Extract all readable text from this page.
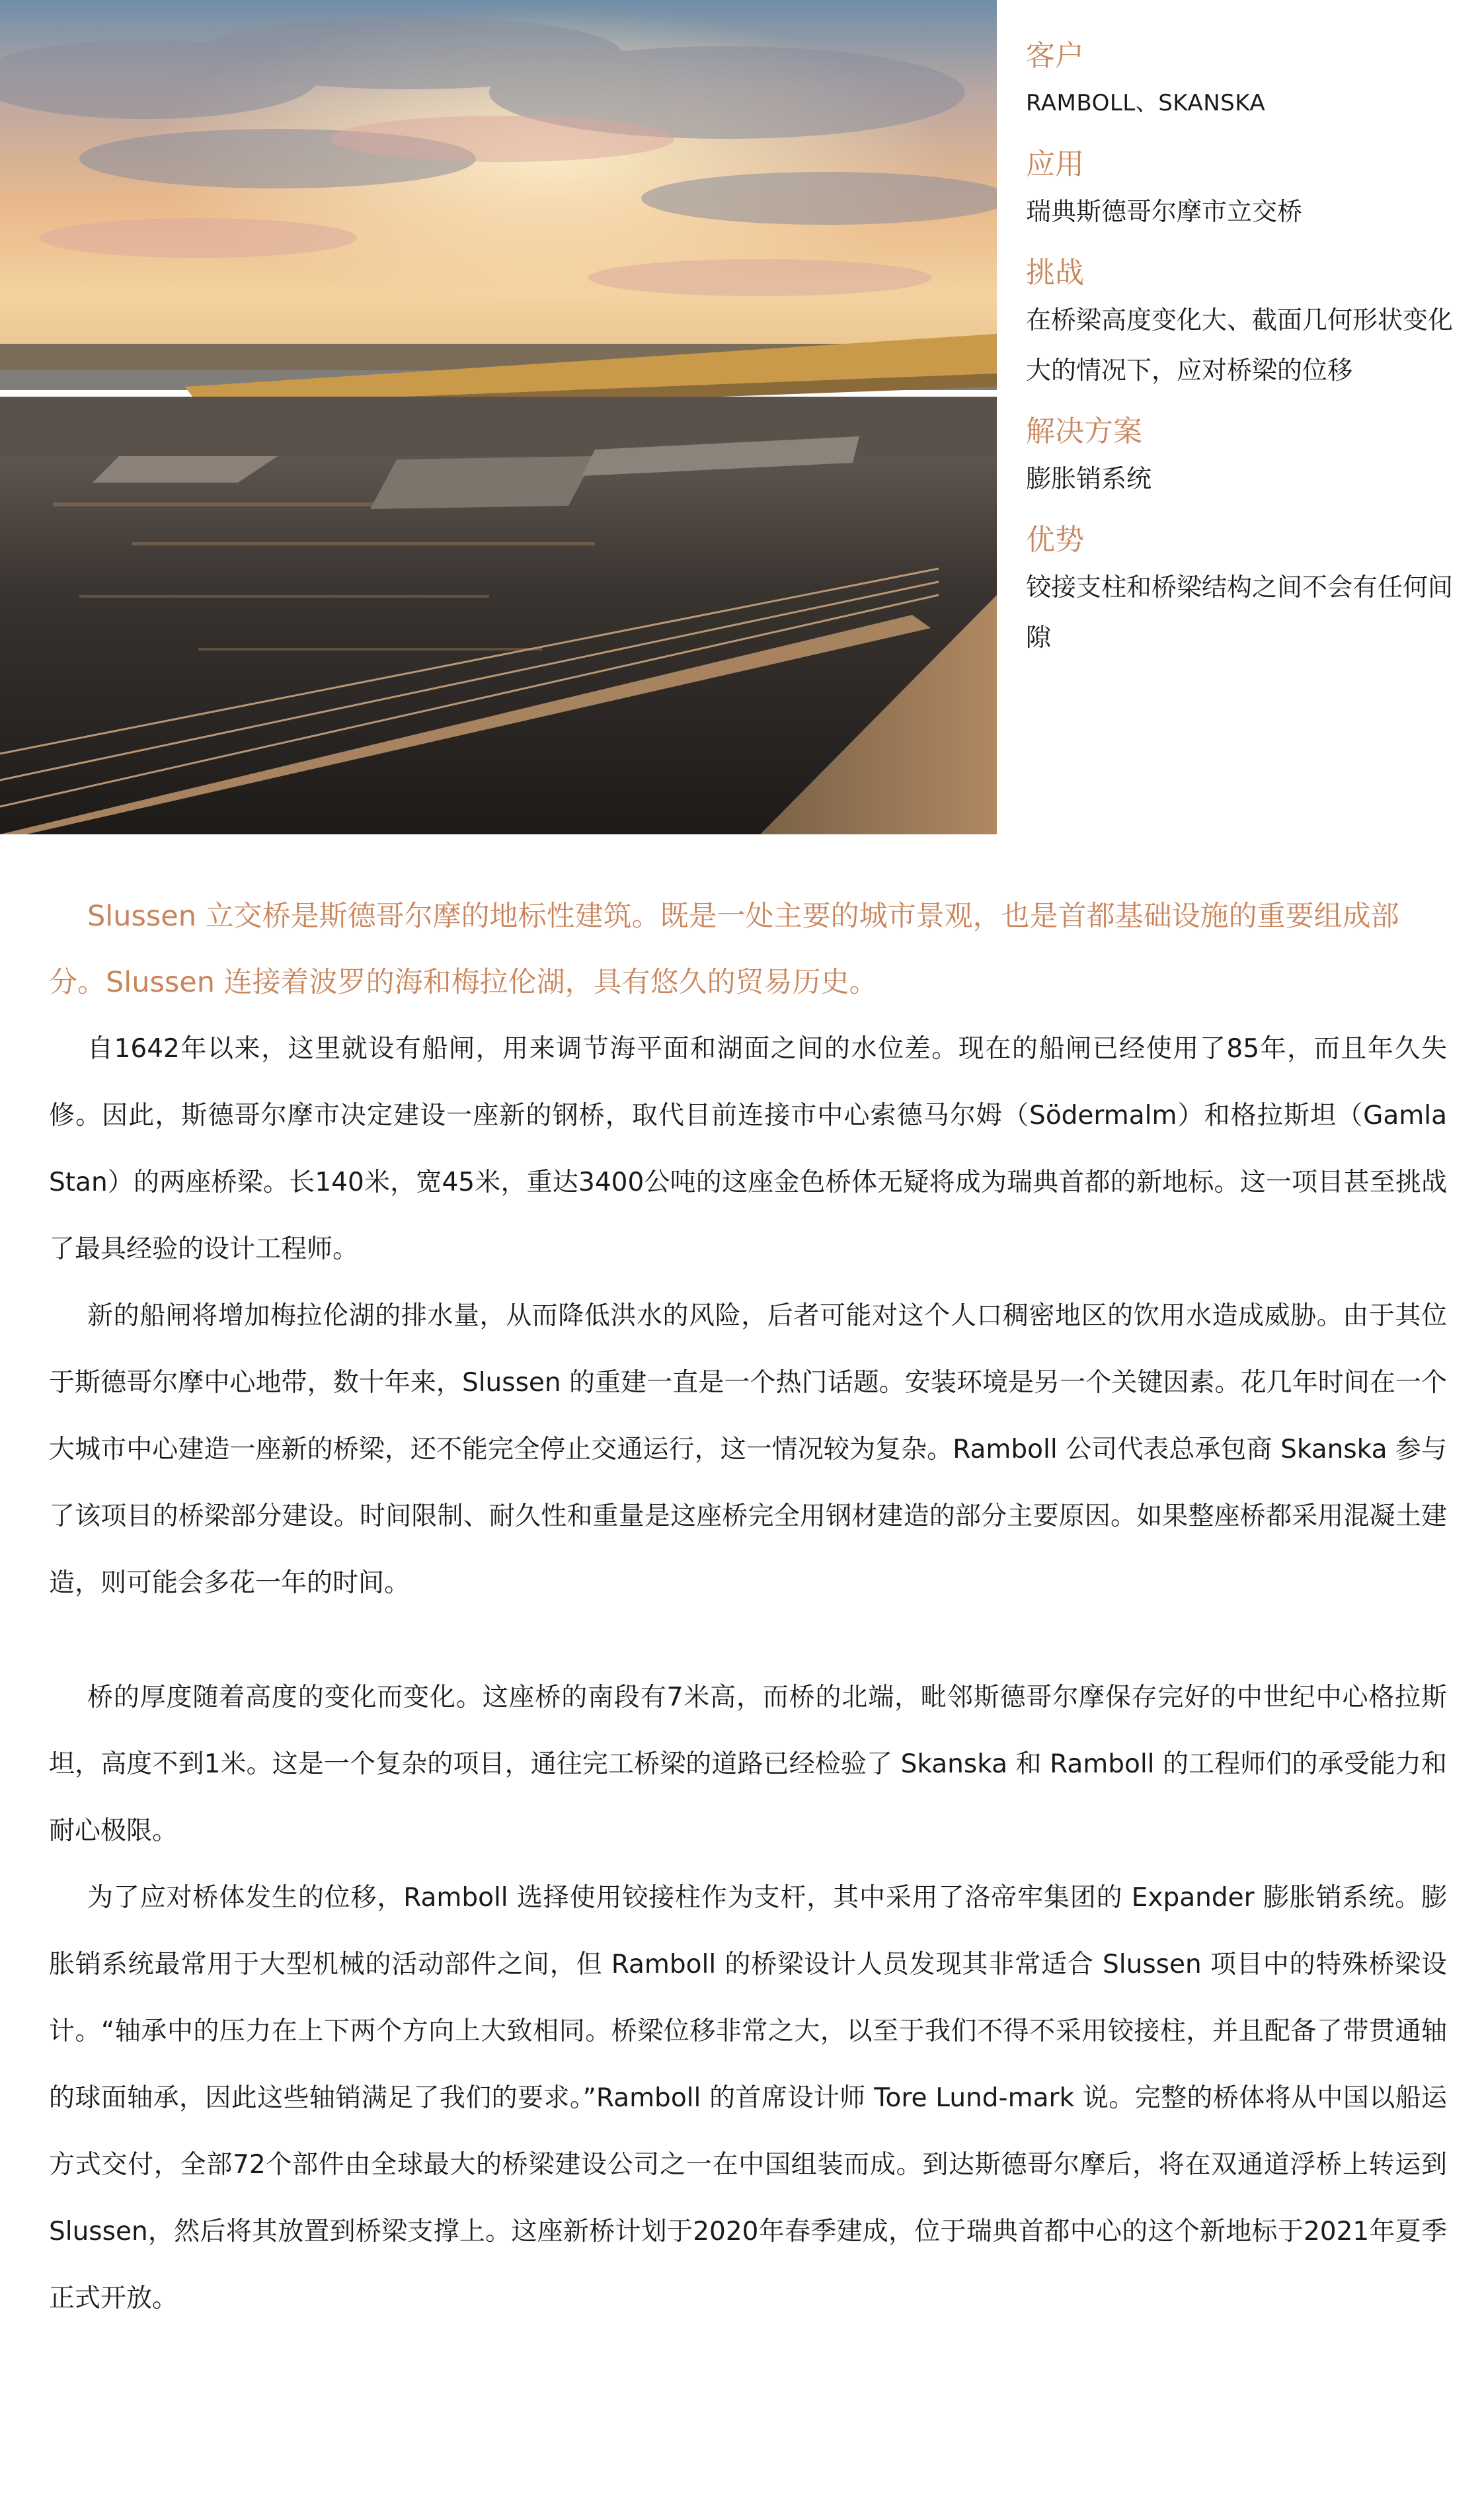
客户
RAMBOLL、SKANSKA
应用
瑞典斯德哥尔摩市立交桥
挑战
在桥梁高度变化大、截面几何形状变化大的情况下，应对桥梁的位移
解决方案
膨胀销系统
优势
铰接支柱和桥梁结构之间不会有任何间隙

Slussen 立交桥是斯德哥尔摩的地标性建筑。既是一处主要的城市景观，也是首都基础设施的重要组成部分。Slussen 连接着波罗的海和梅拉伦湖，具有悠久的贸易历史。

自1642年以来，这里就设有船闸，用来调节海平面和湖面之间的水位差。现在的船闸已经使用了85年，而且年久失修。因此，斯德哥尔摩市决定建设一座新的钢桥，取代目前连接市中心索德马尔姆（Södermalm）和格拉斯坦（Gamla Stan）的两座桥梁。长140米，宽45米，重达3400公吨的这座金色桥体无疑将成为瑞典首都的新地标。这一项目甚至挑战了最具经验的设计工程师。

新的船闸将增加梅拉伦湖的排水量，从而降低洪水的风险，后者可能对这个人口稠密地区的饮用水造成威胁。由于其位于斯德哥尔摩中心地带，数十年来，Slussen 的重建一直是一个热门话题。安装环境是另一个关键因素。花几年时间在一个大城市中心建造一座新的桥梁，还不能完全停止交通运行，这一情况较为复杂。Ramboll 公司代表总承包商 Skanska 参与了该项目的桥梁部分建设。时间限制、耐久性和重量是这座桥完全用钢材建造的部分主要原因。如果整座桥都采用混凝土建造，则可能会多花一年的时间。

桥的厚度随着高度的变化而变化。这座桥的南段有7米高，而桥的北端，毗邻斯德哥尔摩保存完好的中世纪中心格拉斯坦，高度不到1米。这是一个复杂的项目，通往完工桥梁的道路已经检验了 Skanska 和 Ramboll 的工程师们的承受能力和耐心极限。

为了应对桥体发生的位移，Ramboll 选择使用铰接柱作为支杆，其中采用了洛帝牢集团的 Expander 膨胀销系统。膨胀销系统最常用于大型机械的活动部件之间，但 Ramboll 的桥梁设计人员发现其非常适合 Slussen 项目中的特殊桥梁设计。“轴承中的压力在上下两个方向上大致相同。桥梁位移非常之大，以至于我们不得不采用铰接柱，并且配备了带贯通轴的球面轴承，因此这些轴销满足了我们的要求。”Ramboll 的首席设计师 Tore Lund-mark 说。完整的桥体将从中国以船运方式交付，全部72个部件由全球最大的桥梁建设公司之一在中国组装而成。到达斯德哥尔摩后，将在双通道浮桥上转运到Slussen，然后将其放置到桥梁支撑上。这座新桥计划于2020年春季建成，位于瑞典首都中心的这个新地标于2021年夏季正式开放。
